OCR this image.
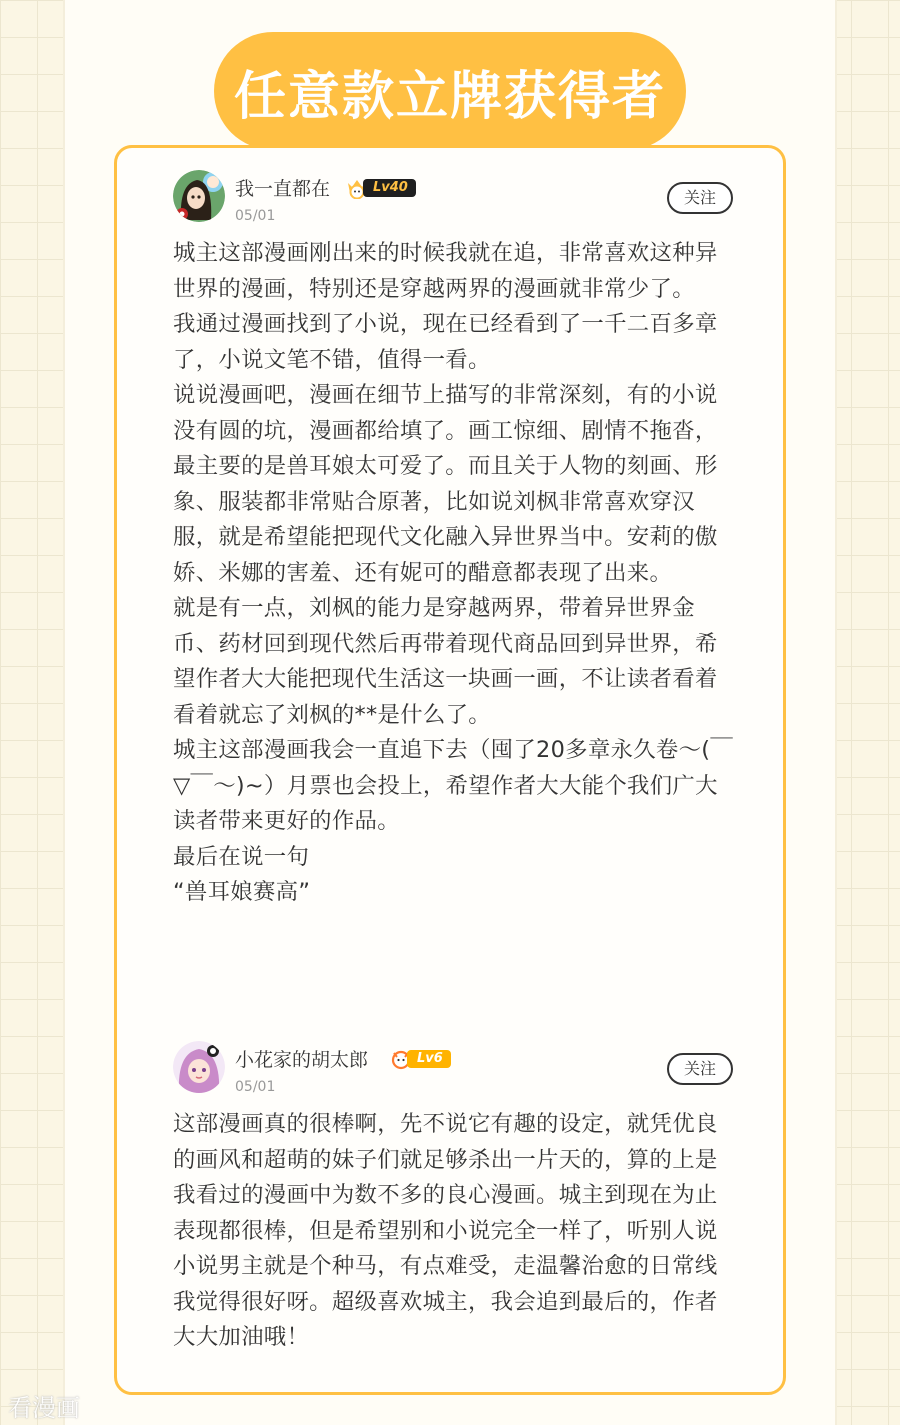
任意款立牌获得者
我一直都在	Lv40
05/01
关注

城主这部漫画刚出来的时候我就在追，非常喜欢这种异世界的漫画，特别还是穿越两界的漫画就非常少了。

我通过漫画找到了小说，现在已经看到了一千二百多章了，小说文笔不错，值得一看。

说说漫画吧，漫画在细节上描写的非常深刻，有的小说没有圆的坑，漫画都给填了。画工惊细、剧情不拖沓，最主要的是兽耳娘太可爱了。而且关于人物的刻画、形象、服装都非常贴合原著，比如说刘枫非常喜欢穿汉服，就是希望能把现代文化融入异世界当中。安莉的傲娇、米娜的害羞、还有妮可的醋意都表现了出来。

就是有一点，刘枫的能力是穿越两界，带着异世界金币、药材回到现代然后再带着现代商品回到异世界，希望作者大大能把现代生活这一块画一画，不让读者看着看着就忘了刘枫的**是什么了。

城主这部漫画我会一直追下去（囤了20多章永久卷～(￣▽￣～)~）月票也会投上，希望作者大大能个我们广大读者带来更好的作品。

最后在说一句

“兽耳娘赛高”

小花家的胡太郎	Lv6
05/01
关注

这部漫画真的很棒啊，先不说它有趣的设定，就凭优良的画风和超萌的妹子们就足够杀出一片天的，算的上是我看过的漫画中为数不多的良心漫画。城主到现在为止表现都很棒，但是希望别和小说完全一样了，听别人说小说男主就是个种马，有点难受，走温馨治愈的日常线我觉得很好呀。超级喜欢城主，我会追到最后的，作者大大加油哦！

看漫画
